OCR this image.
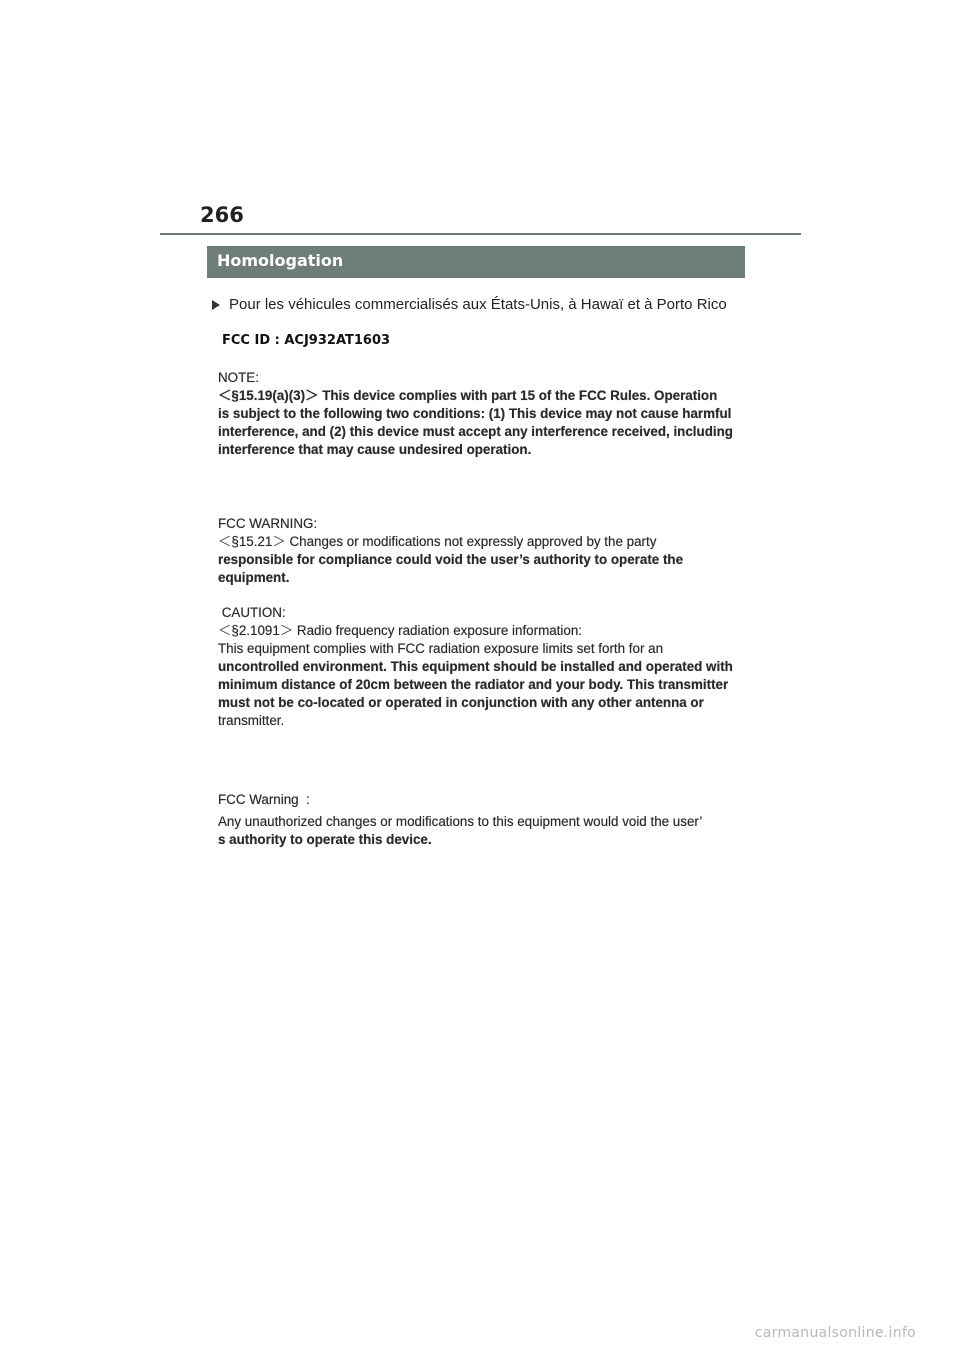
266
Homologation
Pour les véhicules commercialisés aux États-Unis, à Hawaï et à Porto Rico
FCC ID : ACJ932AT1603
NOTE:
＜§15.19(a)(3)＞ This device complies with part 15 of the FCC Rules. Operation
is subject to the following two conditions: (1) This device may not cause harmful
interference, and (2) this device must accept any interference received, including
interference that may cause undesired operation.
FCC WARNING:
＜§15.21＞ Changes or modifications not expressly approved by the party
responsible for compliance could void the user’s authority to operate the
equipment.
CAUTION:
＜§2.1091＞ Radio frequency radiation exposure information:
This equipment complies with FCC radiation exposure limits set forth for an
uncontrolled environment. This equipment should be installed and operated with
minimum distance of 20cm between the radiator and your body. This transmitter
must not be co-located or operated in conjunction with any other antenna or
transmitter.
FCC Warning  :
Any unauthorized changes or modifications to this equipment would void the user’
s authority to operate this device.
carmanualsonline.info
